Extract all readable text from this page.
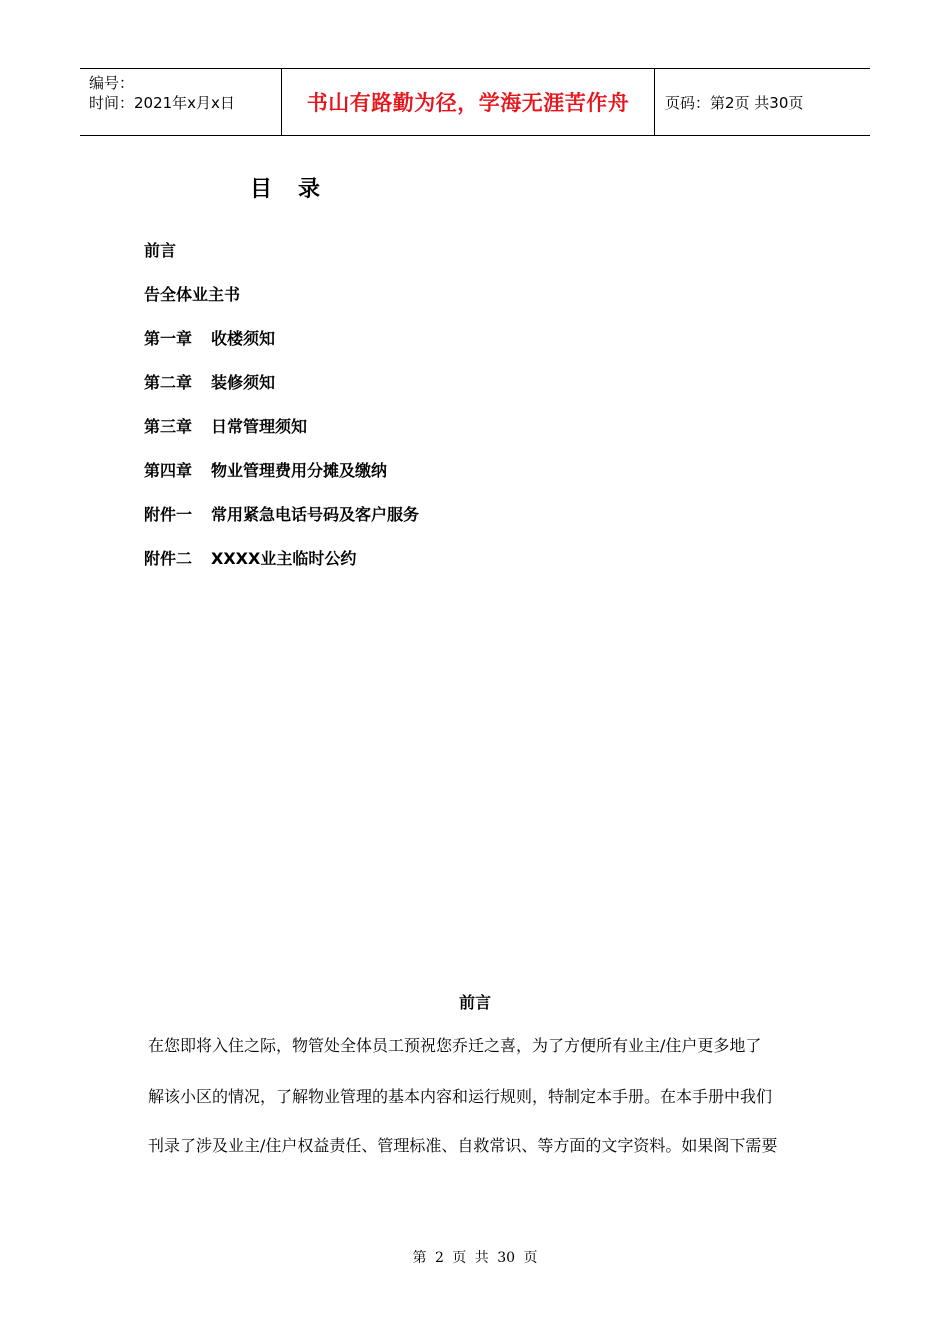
编号：
时间：2021年x月x日	书山有路勤为径，学海无涯苦作舟 页码：第2页 共30页
目录
前言
告全体业主书
第一章 收楼须知
第二章 装修须知
第三章 日常管理须知
第四章 物业管理费用分摊及缴纳
附件一 常用紧急电话号码及客户服务
附件二 XXXX业主临时公约
前言
在您即将入住之际，物管处全体员工预祝您乔迁之喜，为了方便所有业主/住户更多地了
解该小区的情况，了解物业管理的基本内容和运行规则，特制定本手册。在本手册中我们
刊录了涉及业主/住户权益责任、管理标准、自救常识、等方面的文字资料。如果阁下需要
第 2 页 共 30 页
